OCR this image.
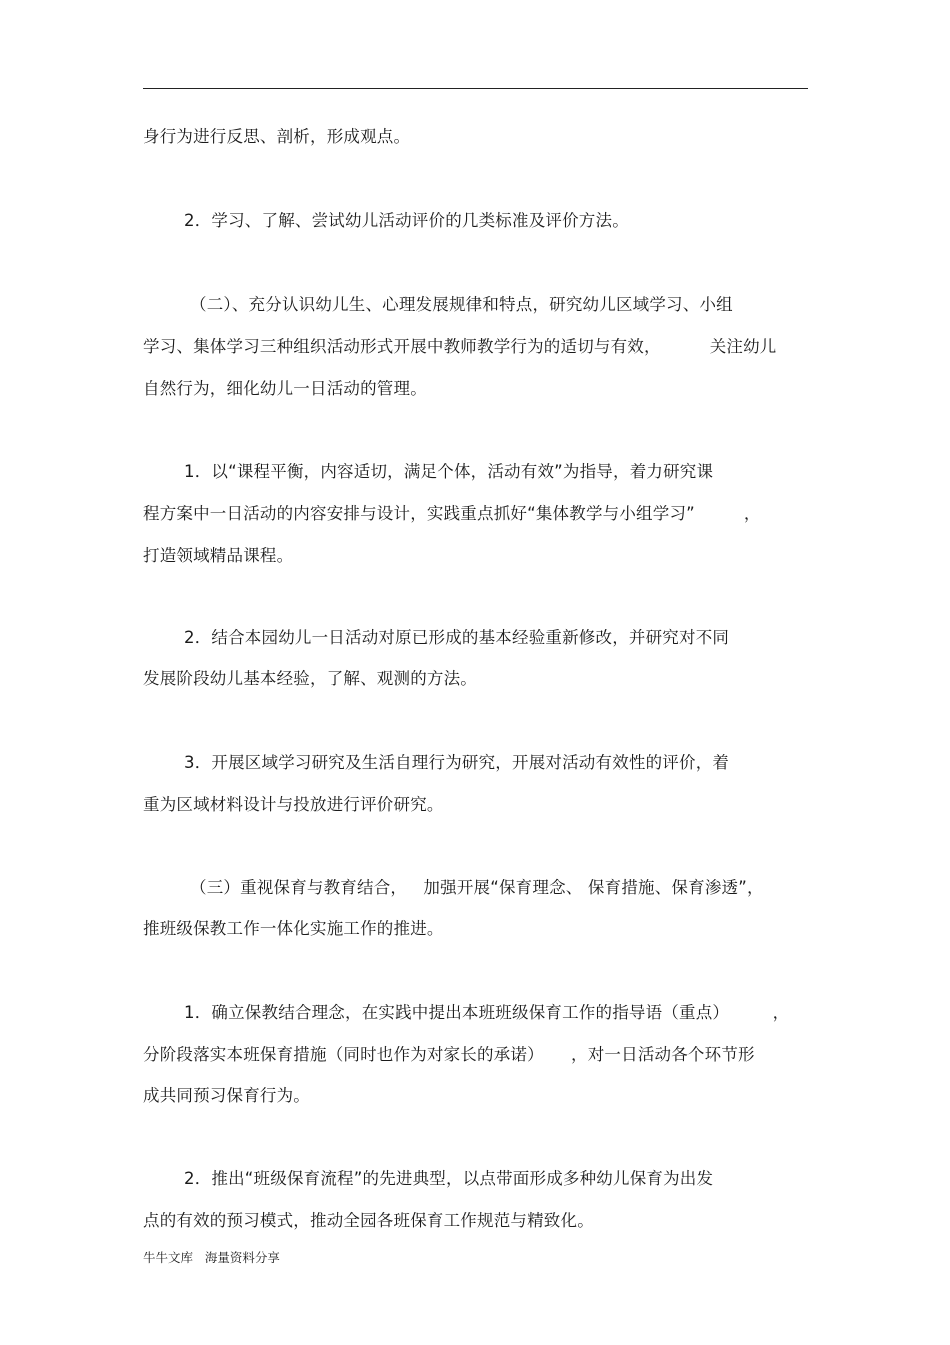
身行为进行反思、剖析，形成观点。
2．学习、了解、尝试幼儿活动评价的几类标准及评价方法。
（二）、充分认识幼儿生、心理发展规律和特点，研究幼儿区域学习、小组
学习、集体学习三种组织活动形式开展中教师教学行为的适切与有效，         关注幼儿
自然行为，细化幼儿一日活动的管理。
1．以“课程平衡，内容适切，满足个体，活动有效”为指导，着力研究课
程方案中一日活动的内容安排与设计，实践重点抓好“集体教学与小组学习”         ，
打造领域精品课程。
2．结合本园幼儿一日活动对原已形成的基本经验重新修改，并研究对不同
发展阶段幼儿基本经验，了解、观测的方法。
3．开展区域学习研究及生活自理行为研究，开展对活动有效性的评价，着
重为区域材料设计与投放进行评价研究。
（三）重视保育与教育结合，   加强开展“保育理念、 保育措施、保育渗透”，
推班级保教工作一体化实施工作的推进。
1．确立保教结合理念，在实践中提出本班班级保育工作的指导语（重点）        ，
分阶段落实本班保育措施（同时也作为对家长的承诺）     ，对一日活动各个环节形
成共同预习保育行为。
2．推出“班级保育流程”的先进典型，以点带面形成多种幼儿保育为出发
点的有效的预习模式，推动全园各班保育工作规范与精致化。
牛牛文库   海量资料分享
